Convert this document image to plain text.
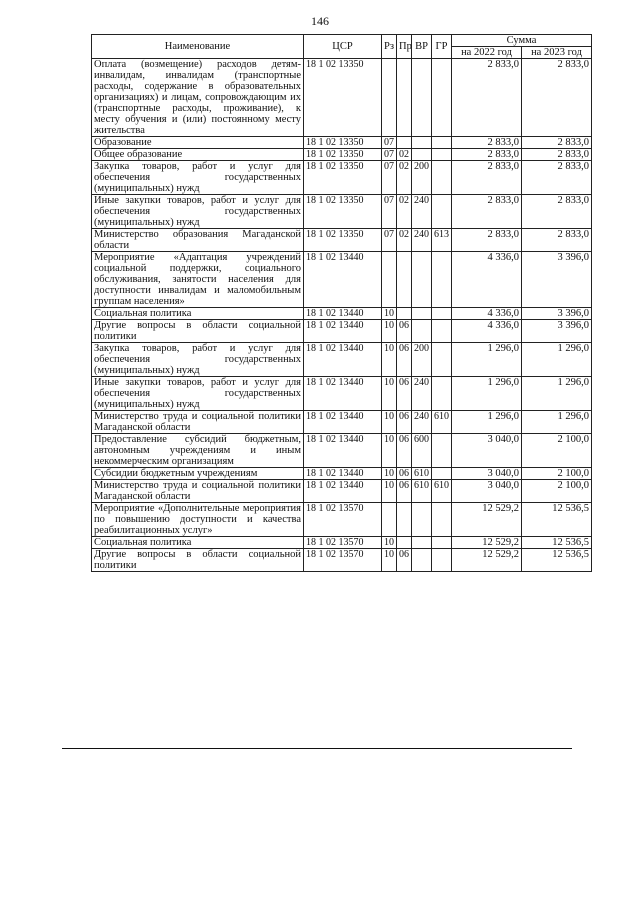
146
Наименование	ЦСР	Рз	Пр	ВР	ГР	Сумма	
						на 2022 год	на 2023 год
Оплата (возмещение) расходов детям-инвалидам, инвалидам (транспортные расходы, содержание в образовательных организациях) и лицам, сопровождающим их (транспортные расходы, проживание), к месту обучения и (или) постоянному месту жительства	18 1 02 13350					2 833,0	2 833,0
Образование	18 1 02 13350	07				2 833,0	2 833,0
Общее образование	18 1 02 13350	07	02			2 833,0	2 833,0
Закупка товаров, работ и услуг для обеспечения государственных (муниципальных) нужд	18 1 02 13350	07	02	200		2 833,0	2 833,0
Иные закупки товаров, работ и услуг для обеспечения государственных (муниципальных) нужд	18 1 02 13350	07	02	240		2 833,0	2 833,0
Министерство образования Магаданской области	18 1 02 13350	07	02	240	613	2 833,0	2 833,0
Мероприятие «Адаптация учреждений социальной поддержки, социального обслуживания, занятости населения для доступности инвалидам и маломобильным группам населения»	18 1 02 13440					4 336,0	3 396,0
Социальная политика	18 1 02 13440	10				4 336,0	3 396,0
Другие вопросы в области социальной политики	18 1 02 13440	10	06			4 336,0	3 396,0
Закупка товаров, работ и услуг для обеспечения государственных (муниципальных) нужд	18 1 02 13440	10	06	200		1 296,0	1 296,0
Иные закупки товаров, работ и услуг для обеспечения государственных (муниципальных) нужд	18 1 02 13440	10	06	240		1 296,0	1 296,0
Министерство труда и социальной политики Магаданской области	18 1 02 13440	10	06	240	610	1 296,0	1 296,0
Предоставление субсидий бюджетным, автономным учреждениям и иным некоммерческим организациям	18 1 02 13440	10	06	600		3 040,0	2 100,0
Субсидии бюджетным учреждениям	18 1 02 13440	10	06	610		3 040,0	2 100,0
Министерство труда и социальной политики Магаданской области	18 1 02 13440	10	06	610	610	3 040,0	2 100,0
Мероприятие «Дополнительные мероприятия по повышению доступности и качества реабилитационных услуг»	18 1 02 13570					12 529,2	12 536,5
Социальная политика	18 1 02 13570	10				12 529,2	12 536,5
Другие вопросы в области социальной политики	18 1 02 13570	10	06			12 529,2	12 536,5
